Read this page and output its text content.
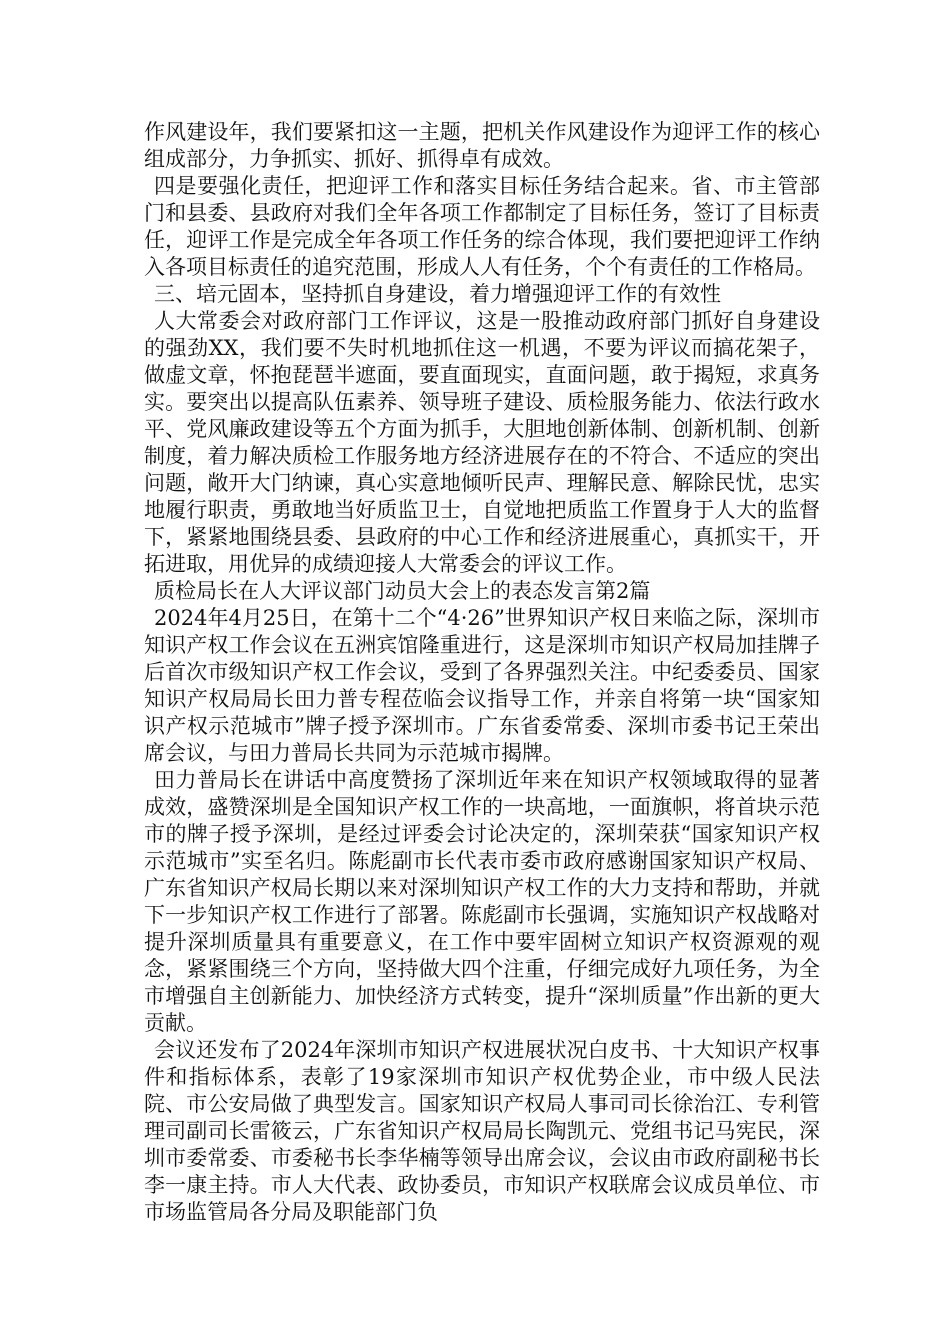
作风建设年，我们要紧扣这一主题，把机关作风建设作为迎评工作的核心组成部分，力争抓实、抓好、抓得卓有成效。

四是要强化责任，把迎评工作和落实目标任务结合起来。省、市主管部门和县委、县政府对我们全年各项工作都制定了目标任务，签订了目标责任，迎评工作是完成全年各项工作任务的综合体现，我们要把迎评工作纳入各项目标责任的追究范围，形成人人有任务，个个有责任的工作格局。

三、培元固本，坚持抓自身建设，着力增强迎评工作的有效性

人大常委会对政府部门工作评议，这是一股推动政府部门抓好自身建设的强劲XX，我们要不失时机地抓住这一机遇，不要为评议而搞花架子，做虚文章，怀抱琵琶半遮面，要直面现实，直面问题，敢于揭短，求真务实。要突出以提高队伍素养、领导班子建设、质检服务能力、依法行政水平、党风廉政建设等五个方面为抓手，大胆地创新体制、创新机制、创新制度，着力解决质检工作服务地方经济进展存在的不符合、不适应的突出问题，敞开大门纳谏，真心实意地倾听民声、理解民意、解除民忧，忠实地履行职责，勇敢地当好质监卫士，自觉地把质监工作置身于人大的监督下，紧紧地围绕县委、县政府的中心工作和经济进展重心，真抓实干，开拓进取，用优异的成绩迎接人大常委会的评议工作。

质检局长在人大评议部门动员大会上的表态发言第2篇

2024年4月25日，在第十二个“4·26”世界知识产权日来临之际，深圳市知识产权工作会议在五洲宾馆隆重进行，这是深圳市知识产权局加挂牌子后首次市级知识产权工作会议，受到了各界强烈关注。中纪委委员、国家知识产权局局长田力普专程莅临会议指导工作，并亲自将第一块“国家知识产权示范城市”牌子授予深圳市。广东省委常委、深圳市委书记王荣出席会议，与田力普局长共同为示范城市揭牌。

田力普局长在讲话中高度赞扬了深圳近年来在知识产权领域取得的显著成效，盛赞深圳是全国知识产权工作的一块高地，一面旗帜，将首块示范市的牌子授予深圳，是经过评委会讨论决定的，深圳荣获“国家知识产权示范城市”实至名归。陈彪副市长代表市委市政府感谢国家知识产权局、广东省知识产权局长期以来对深圳知识产权工作的大力支持和帮助，并就下一步知识产权工作进行了部署。陈彪副市长强调，实施知识产权战略对提升深圳质量具有重要意义，在工作中要牢固树立知识产权资源观的观念，紧紧围绕三个方向，坚持做大四个注重，仔细完成好九项任务，为全市增强自主创新能力、加快经济方式转变，提升“深圳质量”作出新的更大贡献。

会议还发布了2024年深圳市知识产权进展状况白皮书、十大知识产权事件和指标体系，表彰了19家深圳市知识产权优势企业，市中级人民法院、市公安局做了典型发言。国家知识产权局人事司司长徐治江、专利管理司副司长雷筱云，广东省知识产权局局长陶凯元、党组书记马宪民，深圳市委常委、市委秘书长李华楠等领导出席会议，会议由市政府副秘书长李一康主持。市人大代表、政协委员，市知识产权联席会议成员单位、市市场监管局各分局及职能部门负
